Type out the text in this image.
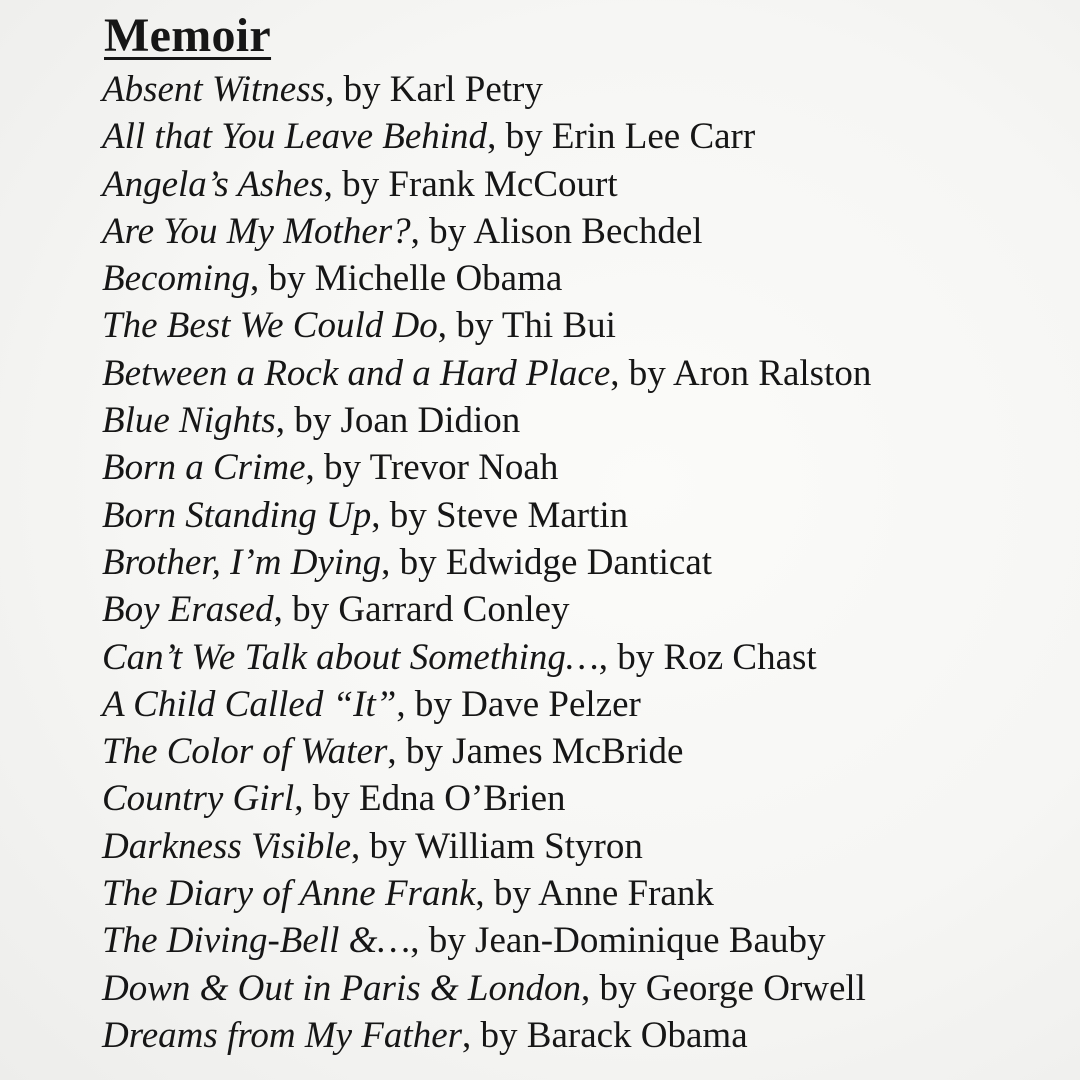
Memoir
Absent Witness, by Karl Petry
All that You Leave Behind, by Erin Lee Carr
Angela’s Ashes, by Frank McCourt
Are You My Mother?, by Alison Bechdel
Becoming, by Michelle Obama
The Best We Could Do, by Thi Bui
Between a Rock and a Hard Place, by Aron Ralston
Blue Nights, by Joan Didion
Born a Crime, by Trevor Noah
Born Standing Up, by Steve Martin
Brother, I’m Dying, by Edwidge Danticat
Boy Erased, by Garrard Conley
Can’t We Talk about Something…, by Roz Chast
A Child Called “It”, by Dave Pelzer
The Color of Water, by James McBride
Country Girl, by Edna O’Brien
Darkness Visible, by William Styron
The Diary of Anne Frank, by Anne Frank
The Diving-Bell &…, by Jean-Dominique Bauby
Down & Out in Paris & London, by George Orwell
Dreams from My Father, by Barack Obama
